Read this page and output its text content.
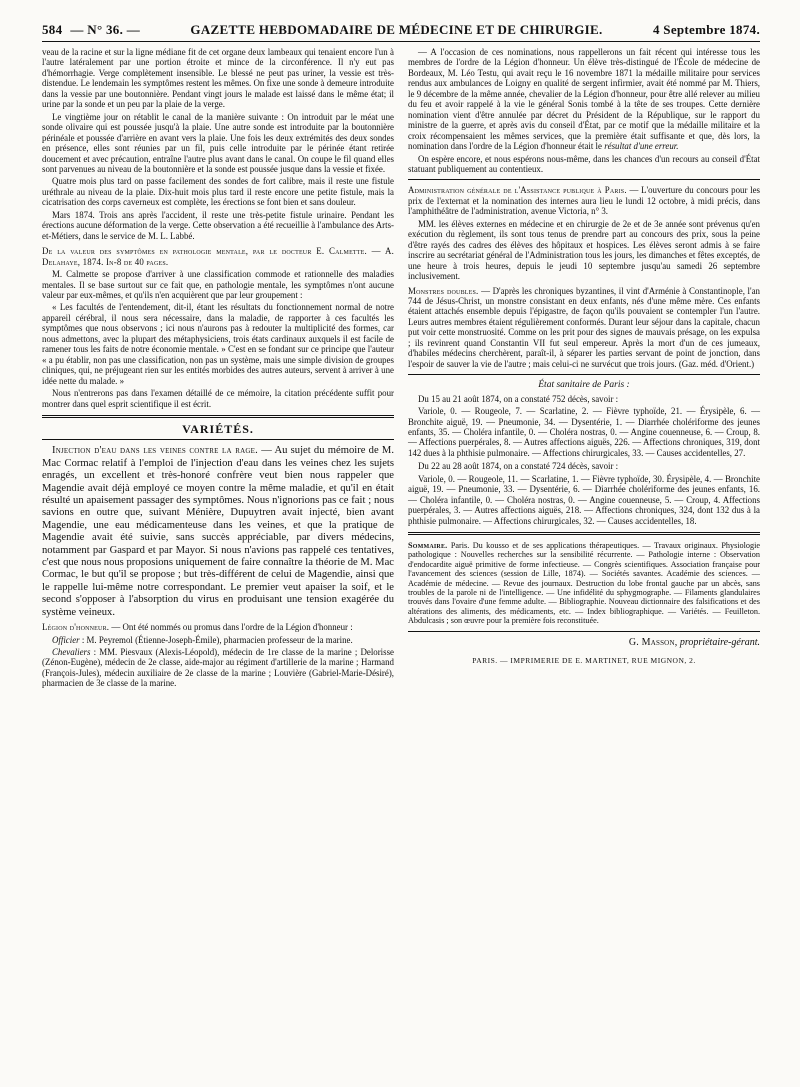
584 — N° 36. —	GAZETTE HEBDOMADAIRE DE MÉDECINE ET DE CHIRURGIE.	4 Septembre 1874.

veau de la racine et sur la ligne médiane fit de cet organe deux lambeaux qui tenaient encore l'un à l'autre latéralement par une portion étroite et mince de la circonférence. Il n'y eut pas d'hémorrhagie. Verge complètement insensible. Le blessé ne peut pas uriner, la vessie est très-distendue. Le lendemain les symptômes restent les mêmes. On fixe une sonde à demeure introduite dans la vessie par une boutonnière. Pendant vingt jours le malade est laissé dans le même état; il urine par la sonde et un peu par la plaie de la verge.

Le vingtième jour on rétablit le canal de la manière suivante : On introduit par le méat une sonde olivaire qui est poussée jusqu'à la plaie. Une autre sonde est introduite par la boutonnière périnéale et poussée d'arrière en avant vers la plaie. Une fois les deux extrémités des deux sondes en présence, elles sont réunies par un fil, puis celle introduite par le périnée étant retirée doucement et avec précaution, entraîne l'autre plus avant dans le canal. On coupe le fil quand elles sont parvenues au niveau de la boutonnière et la sonde est poussée jusque dans la vessie et fixée.

Quatre mois plus tard on passe facilement des sondes de fort calibre, mais il reste une fistule uréthrale au niveau de la plaie. Dix-huit mois plus tard il reste encore une petite fistule, mais la cicatrisation des corps caverneux est complète, les érections se font bien et sans douleur.

Mars 1874. Trois ans après l'accident, il reste une très-petite fistule urinaire. Pendant les érections aucune déformation de la verge. Cette observation a été recueillie à l'ambulance des Arts-et-Métiers, dans le service de M. L. Labbé.

De la valeur des symptômes en pathologie mentale, par le docteur E. Calmette. — A. Delahaye, 1874. In-8 de 40 pages.

M. Calmette se propose d'arriver à une classification commode et rationnelle des maladies mentales. Il se base surtout sur ce fait que, en pathologie mentale, les symptômes n'ont aucune valeur par eux-mêmes, et qu'ils n'en acquièrent que par leur groupement :

« Les facultés de l'entendement, dit-il, étant les résultats du fonctionnement normal de notre appareil cérébral, il nous sera nécessaire, dans la maladie, de rapporter à ces facultés les symptômes que nous observons ; ici nous n'aurons pas à redouter la multiplicité des formes, car nous admettons, avec la plupart des métaphysiciens, trois états cardinaux auxquels il est facile de ramener tous les faits de notre économie mentale. » C'est en se fondant sur ce principe que l'auteur « a pu établir, non pas une classification, non pas un système, mais une simple division de groupes cliniques, qui, ne préjugeant rien sur les entités morbides des autres auteurs, servent à arriver à une idée nette du malade. »

Nous n'entrerons pas dans l'examen détaillé de ce mémoire, la citation précédente suffit pour montrer dans quel esprit scientifique il est écrit.

VARIÉTÉS.

Injection d'eau dans les veines contre la rage. — Au sujet du mémoire de M. Mac Cormac relatif à l'emploi de l'injection d'eau dans les veines chez les sujets enragés, un excellent et très-honoré confrère veut bien nous rappeler que Magendie avait déjà employé ce moyen contre la même maladie, et qu'il en était résulté un apaisement passager des symptômes. Nous n'ignorions pas ce fait ; nous savions en outre que, suivant Ménière, Dupuytren avait injecté, bien avant Magendie, une eau médicamenteuse dans les veines, et que la pratique de Magendie avait été suivie, sans succès appréciable, par divers médecins, notamment par Gaspard et par Mayor. Si nous n'avions pas rappelé ces tentatives, c'est que nous nous proposions uniquement de faire connaître la théorie de M. Mac Cormac, le but qu'il se propose ; but très-différent de celui de Magendie, ainsi que le rappelle lui-même notre correspondant. Le premier veut apaiser la soif, et le second s'opposer à l'absorption du virus en produisant une tension exagérée du système veineux.

Légion d'honneur. — Ont été nommés ou promus dans l'ordre de la Légion d'honneur :

Officier : M. Peyremol (Étienne-Joseph-Émile), pharmacien professeur de la marine.

Chevaliers : MM. Piesvaux (Alexis-Léopold), médecin de 1re classe de la marine ; Delorisse (Zénon-Eugène), médecin de 2e classe, aide-major au régiment d'artillerie de la marine ; Harmand (François-Jules), médecin auxiliaire de 2e classe de la marine ; Louvière (Gabriel-Marie-Désiré), pharmacien de 3e classe de la marine.

— A l'occasion de ces nominations, nous rappellerons un fait récent qui intéresse tous les membres de l'ordre de la Légion d'honneur. Un élève très-distingué de l'École de médecine de Bordeaux, M. Léo Testu, qui avait reçu le 16 novembre 1871 la médaille militaire pour services rendus aux ambulances de Loigny en qualité de sergent infirmier, avait été nommé par M. Thiers, le 9 décembre de la même année, chevalier de la Légion d'honneur, pour être allé relever au milieu du feu et avoir rappelé à la vie le général Sonis tombé à la tête de ses troupes. Cette dernière nomination vient d'être annulée par décret du Président de la République, sur le rapport du ministre de la guerre, et après avis du conseil d'État, par ce motif que la médaille militaire et la croix récompensaient les mêmes services, que la première était suffisante et que, dès lors, la nomination dans l'ordre de la Légion d'honneur était le résultat d'une erreur.

On espère encore, et nous espérons nous-même, dans les chances d'un recours au conseil d'État statuant publiquement au contentieux.

Administration générale de l'Assistance publique à Paris. — L'ouverture du concours pour les prix de l'externat et la nomination des internes aura lieu le lundi 12 octobre, à midi précis, dans l'amphithéâtre de l'administration, avenue Victoria, n° 3.

MM. les élèves externes en médecine et en chirurgie de 2e et de 3e année sont prévenus qu'en exécution du règlement, ils sont tous tenus de prendre part au concours des prix, sous la peine d'être rayés des cadres des élèves des hôpitaux et hospices. Les élèves seront admis à se faire inscrire au secrétariat général de l'Administration tous les jours, les dimanches et fêtes exceptés, de une heure à trois heures, depuis le jeudi 10 septembre jusqu'au samedi 26 septembre inclusivement.

Monstres doubles. — D'après les chroniques byzantines, il vint d'Arménie à Constantinople, l'an 744 de Jésus-Christ, un monstre consistant en deux enfants, nés d'une même mère. Ces enfants étaient attachés ensemble depuis l'épigastre, de façon qu'ils pouvaient se contempler l'un l'autre. Leurs autres membres étaient régulièrement conformés. Durant leur séjour dans la capitale, chacun put voir cette monstruosité. Comme on les prit pour des signes de mauvais présage, on les expulsa ; ils revinrent quand Constantin VII fut seul empereur. Après la mort d'un de ces jumeaux, d'habiles médecins cherchèrent, paraît-il, à séparer les parties servant de point de jonction, dans l'espoir de sauver la vie de l'autre ; mais celui-ci ne survécut que trois jours. (Gaz. méd. d'Orient.)

État sanitaire de Paris :

Du 15 au 21 août 1874, on a constaté 752 décès, savoir :

Variole, 0. — Rougeole, 7. — Scarlatine, 2. — Fièvre typhoïde, 21. — Érysipèle, 6. — Bronchite aiguë, 19. — Pneumonie, 34. — Dysentérie, 1. — Diarrhée cholériforme des jeunes enfants, 35. — Choléra infantile, 0. — Choléra nostras, 0. — Angine couenneuse, 6. — Croup, 8. — Affections puerpérales, 8. — Autres affections aiguës, 226. — Affections chroniques, 319, dont 142 dues à la phthisie pulmonaire. — Affections chirurgicales, 33. — Causes accidentelles, 27.

Du 22 au 28 août 1874, on a constaté 724 décès, savoir :

Variole, 0. — Rougeole, 11. — Scarlatine, 1. — Fièvre typhoïde, 30. Érysipèle, 4. — Bronchite aiguë, 19. — Pneumonie, 33. — Dysentérie, 6. — Diarrhée cholériforme des jeunes enfants, 16. — Choléra infantile, 0. — Choléra nostras, 0. — Angine couenneuse, 5. — Croup, 4. Affections puerpérales, 3. — Autres affections aiguës, 218. — Affections chroniques, 324, dont 132 dus à la phthisie pulmonaire. — Affections chirurgicales, 32. — Causes accidentelles, 18.

Sommaire. Paris. Du kousso et de ses applications thérapeutiques. — Travaux originaux. Physiologie pathologique : Nouvelles recherches sur la sensibilité récurrente. — Pathologie interne : Observation d'endocardite aiguë primitive de forme infectieuse. — Congrès scientifiques. Association française pour l'avancement des sciences (session de Lille, 1874). — Sociétés savantes. Académie des sciences. — Académie de médecine. — Revue des journaux. Destruction du lobe frontal gauche par un abcès, sans troubles de la parole ni de l'intelligence. — Une infidélité du sphygmographe. — Filaments glandulaires trouvés dans l'ovaire d'une femme adulte. — Bibliographie. Nouveau dictionnaire des falsifications et des altérations des aliments, des médicaments, etc. — Index bibliographique. — Variétés. — Feuilleton. Abdulcasis ; son œuvre pour la première fois reconstituée.

G. Masson, propriétaire-gérant.
PARIS. — IMPRIMERIE DE E. MARTINET, RUE MIGNON, 2.
